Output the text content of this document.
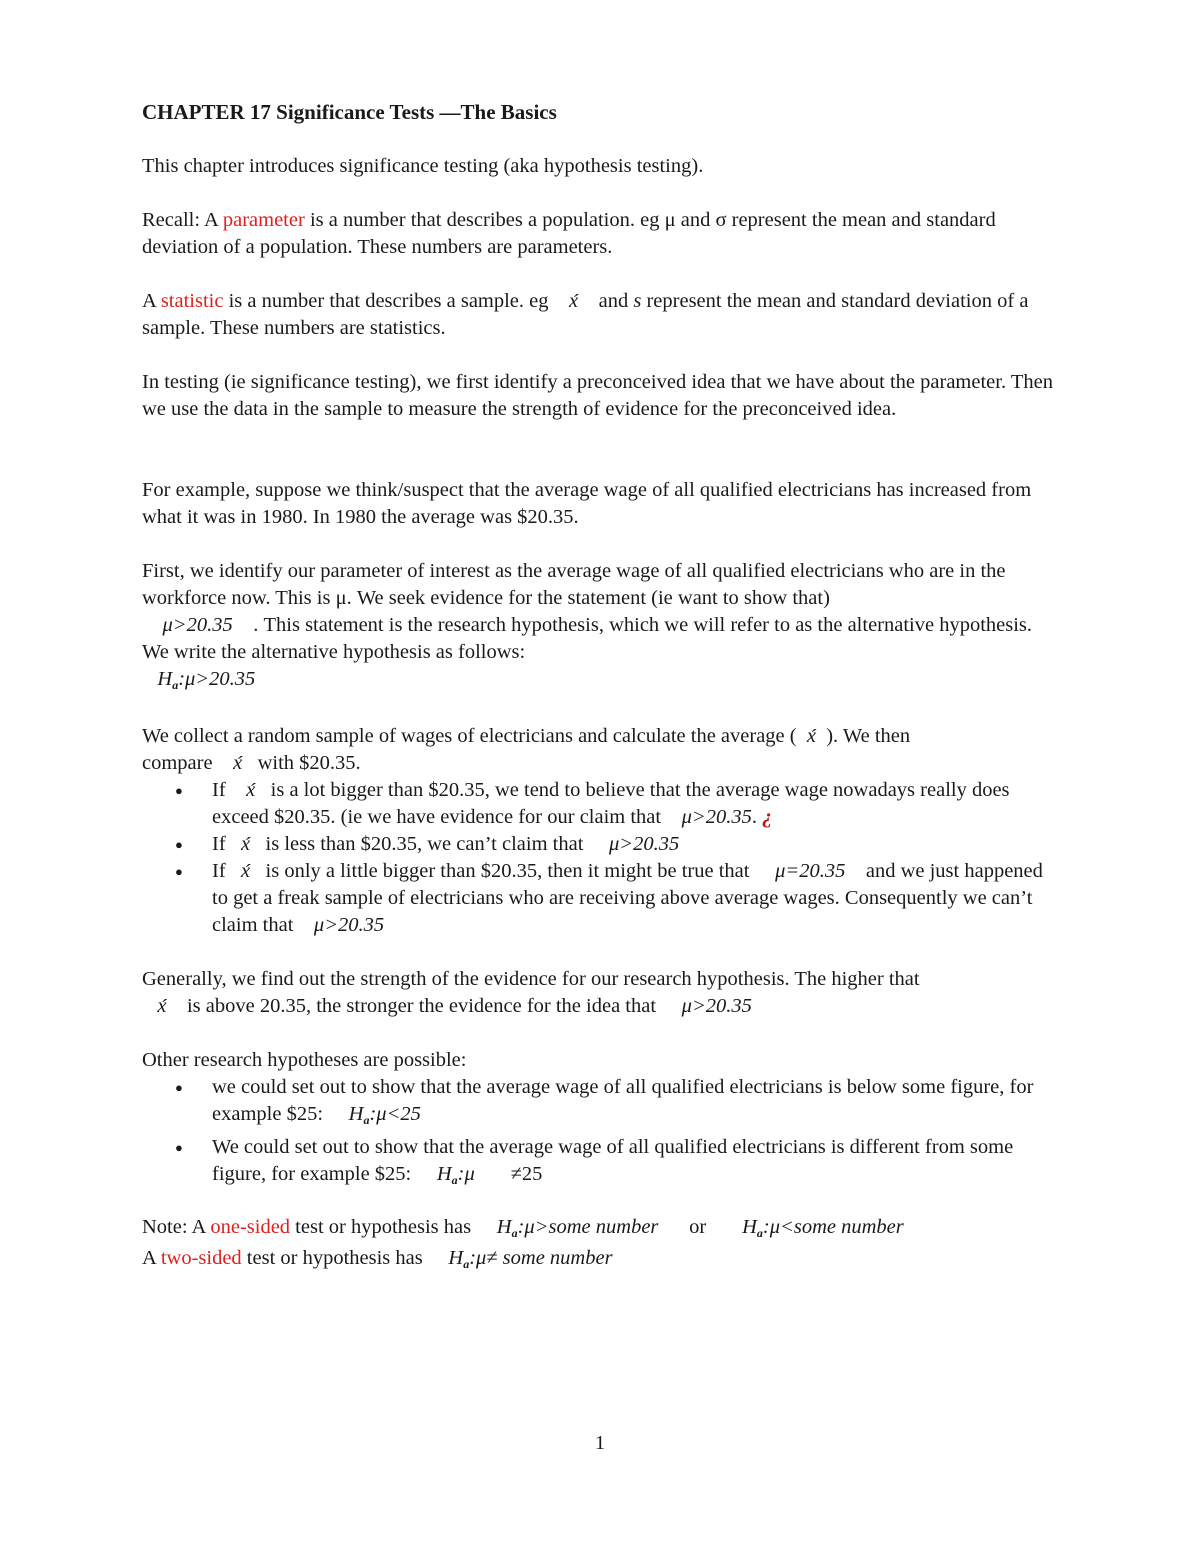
CHAPTER 17 Significance Tests —The Basics

This chapter introduces significance testing (aka hypothesis testing).

Recall: A parameter is a number that describes a population. eg μ and σ represent the mean and standard deviation of a population. These numbers are parameters.

A statistic is a number that describes a sample. eg x́ and s represent the mean and standard deviation of a sample. These numbers are statistics.

In testing (ie significance testing), we first identify a preconceived idea that we have about the parameter. Then we use the data in the sample to measure the strength of evidence for the preconceived idea.

For example, suppose we think/suspect that the average wage of all qualified electricians has increased from what it was in 1980. In 1980 the average was $20.35.

First, we identify our parameter of interest as the average wage of all qualified electricians who are in the workforce now. This is μ. We seek evidence for the statement (ie want to show that)
μ>20.35    . This statement is the research hypothesis, which we will refer to as the alternative hypothesis. We write the alternative hypothesis as follows:
$H_a:\mu>20.35$

We collect a random sample of wages of electricians and calculate the average ( x́ ). We then compare x́ with $20.35.

● If x́ is a lot bigger than $20.35, we tend to believe that the average wage nowadays really does exceed $20.35. (ie we have evidence for our claim that μ>20.35. ¿
● If x́ is less than $20.35, we can’t claim that μ>20.35
● If x́ is only a little bigger than $20.35, then it might be true that μ=20.35 and we just happened to get a freak sample of electricians who are receiving above average wages. Consequently we can’t claim that μ>20.35

Generally, we find out the strength of the evidence for our research hypothesis. The higher that
x́ is above 20.35, the stronger the evidence for the idea that μ>20.35

Other research hypotheses are possible:

● we could set out to show that the average wage of all qualified electricians is below some figure, for example $25: $H_a:\mu<25$
● We could set out to show that the average wage of all qualified electricians is different from some figure, for example $25: $H_a:\mu \ne 25$

Note: A one-sided test or hypothesis has $H_a:\mu>some$ number or $H_a:\mu<some$ number

A two-sided test or hypothesis has $H_a:\mu\ne$ some number

1
